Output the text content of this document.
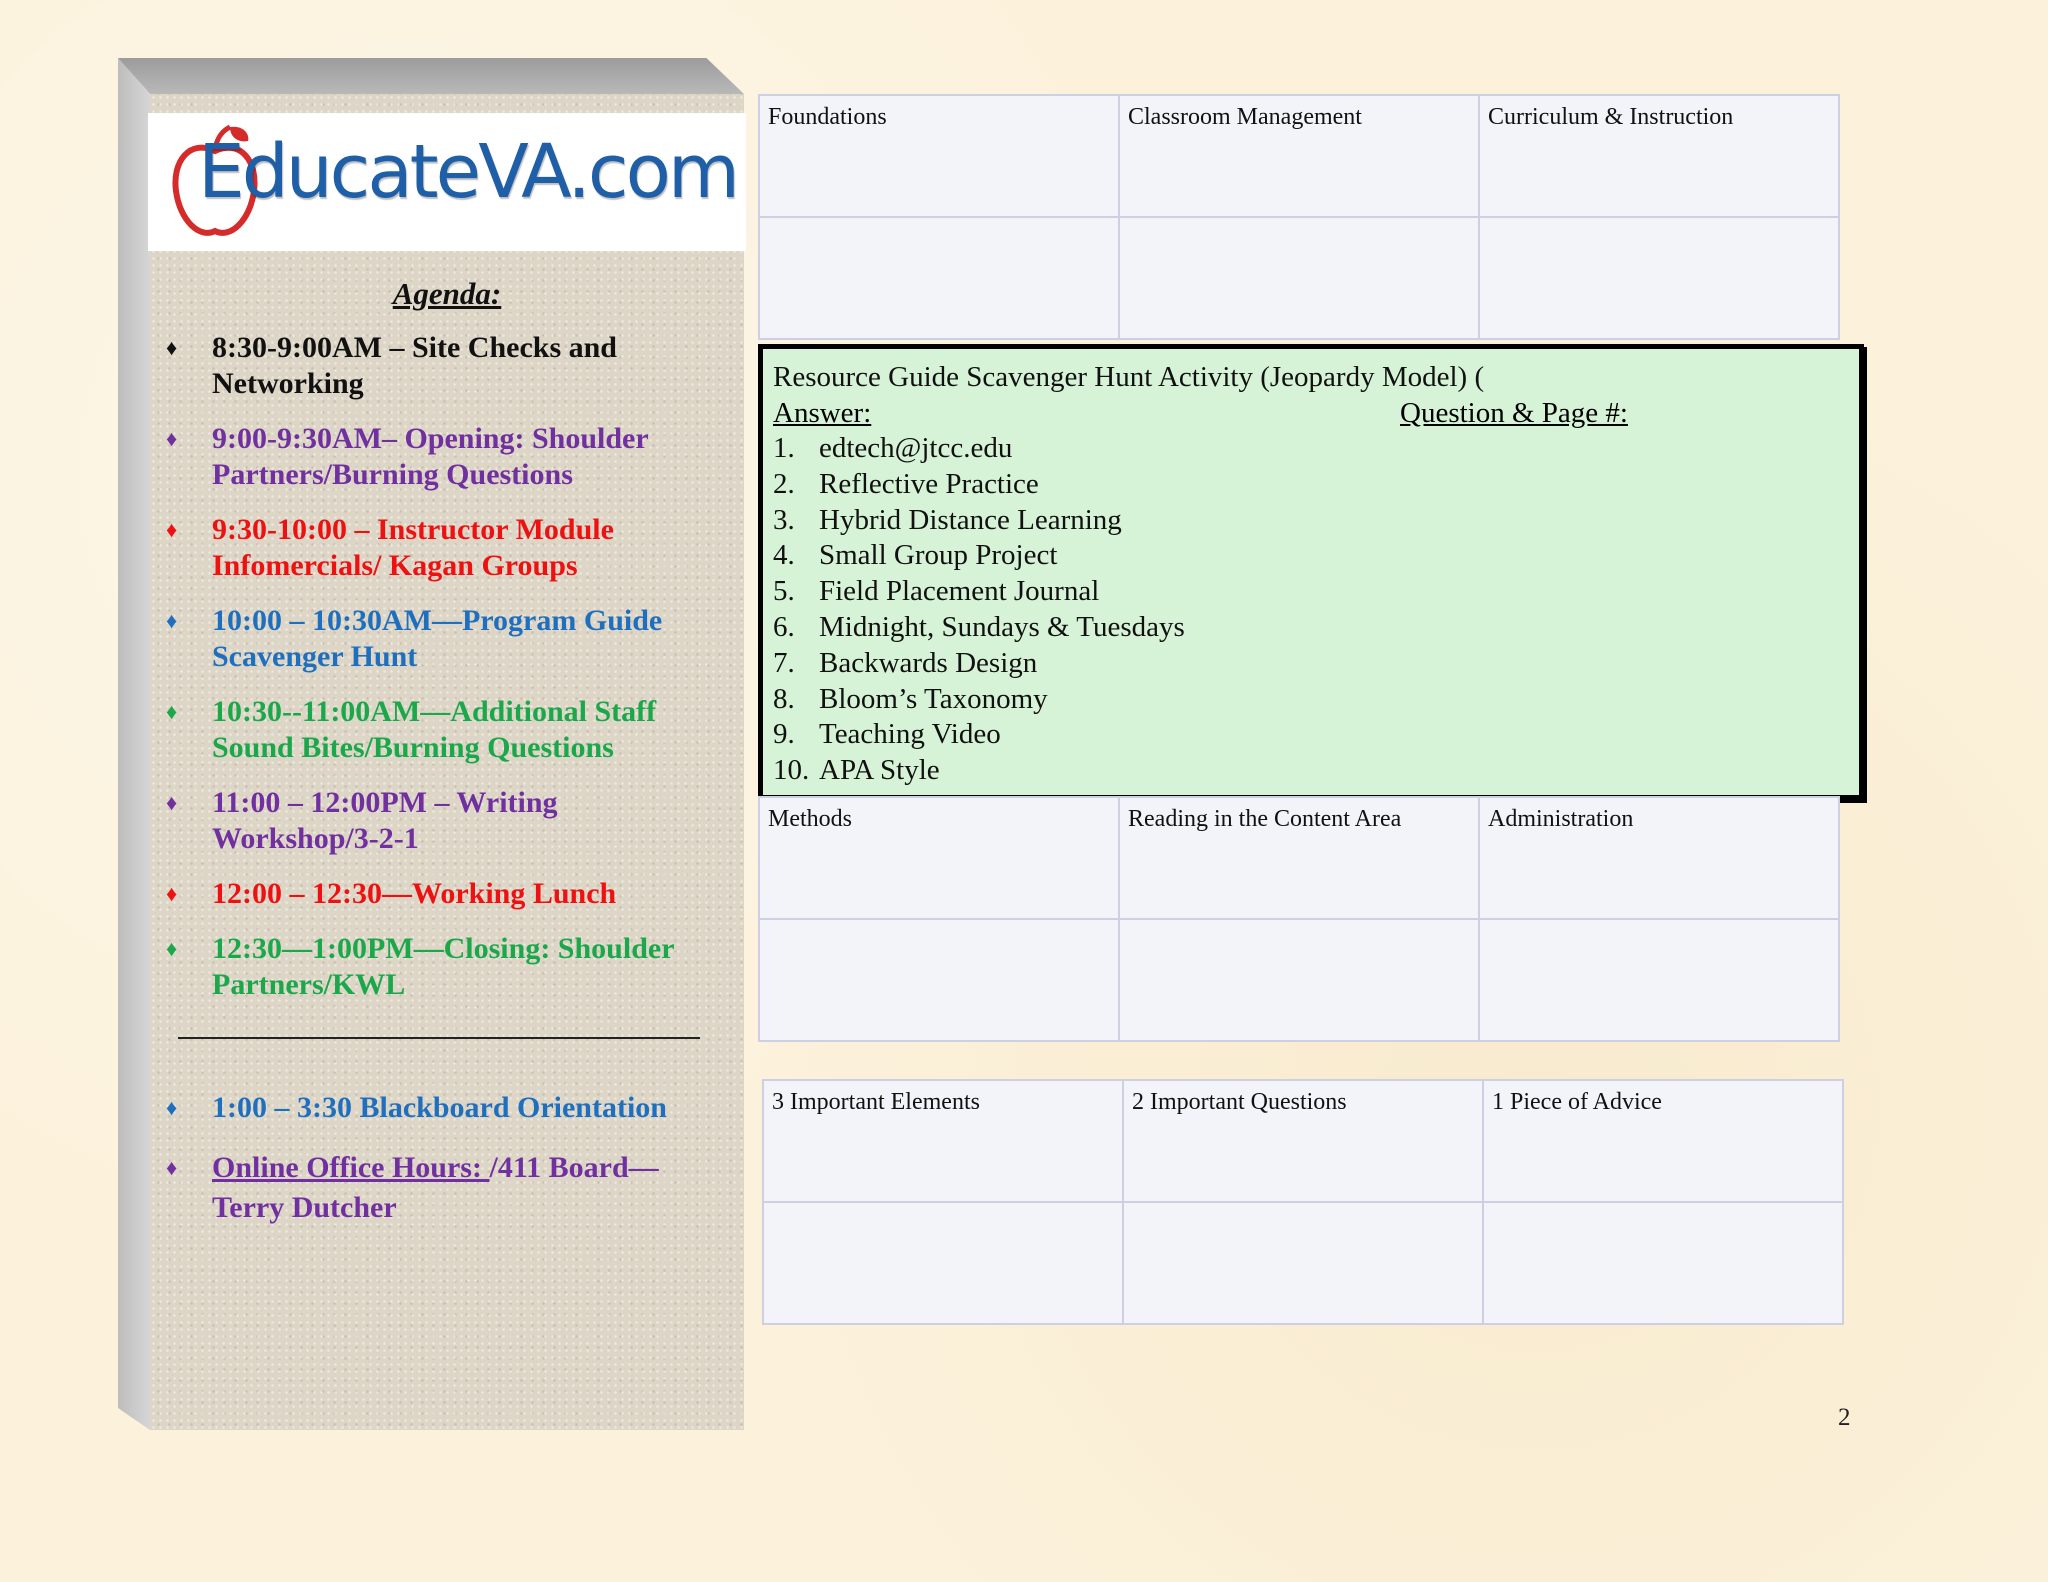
EducateVA.com
Agenda:
♦ 8:30-9:00AM – Site Checks and Networking
♦ 9:00-9:30AM– Opening: Shoulder Partners/Burning Questions
♦ 9:30-10:00 – Instructor Module Infomercials/ Kagan Groups
♦ 10:00 – 10:30AM—Program Guide Scavenger Hunt
♦ 10:30--11:00AM—Additional Staff Sound Bites/Burning Questions
♦ 11:00 – 12:00PM – Writing Workshop/3-2-1
♦ 12:00 – 12:30—Working Lunch
♦ 12:30—1:00PM—Closing: Shoulder Partners/KWL
♦ 1:00 – 3:30 Blackboard Orientation
♦ Online Office Hours: /411 Board—Terry Dutcher
Foundations	Classroom Management	Curriculum & Instruction

Resource Guide Scavenger Hunt Activity (Jeopardy Model) (
Answer:	Question & Page #:
1. edtech@jtcc.edu
2. Reflective Practice
3. Hybrid Distance Learning
4. Small Group Project
5. Field Placement Journal
6. Midnight, Sundays & Tuesdays
7. Backwards Design
8. Bloom’s Taxonomy
9. Teaching Video
10. APA Style
Methods	Reading in the Content Area	Administration

3 Important Elements	2 Important Questions	1 Piece of Advice

2
